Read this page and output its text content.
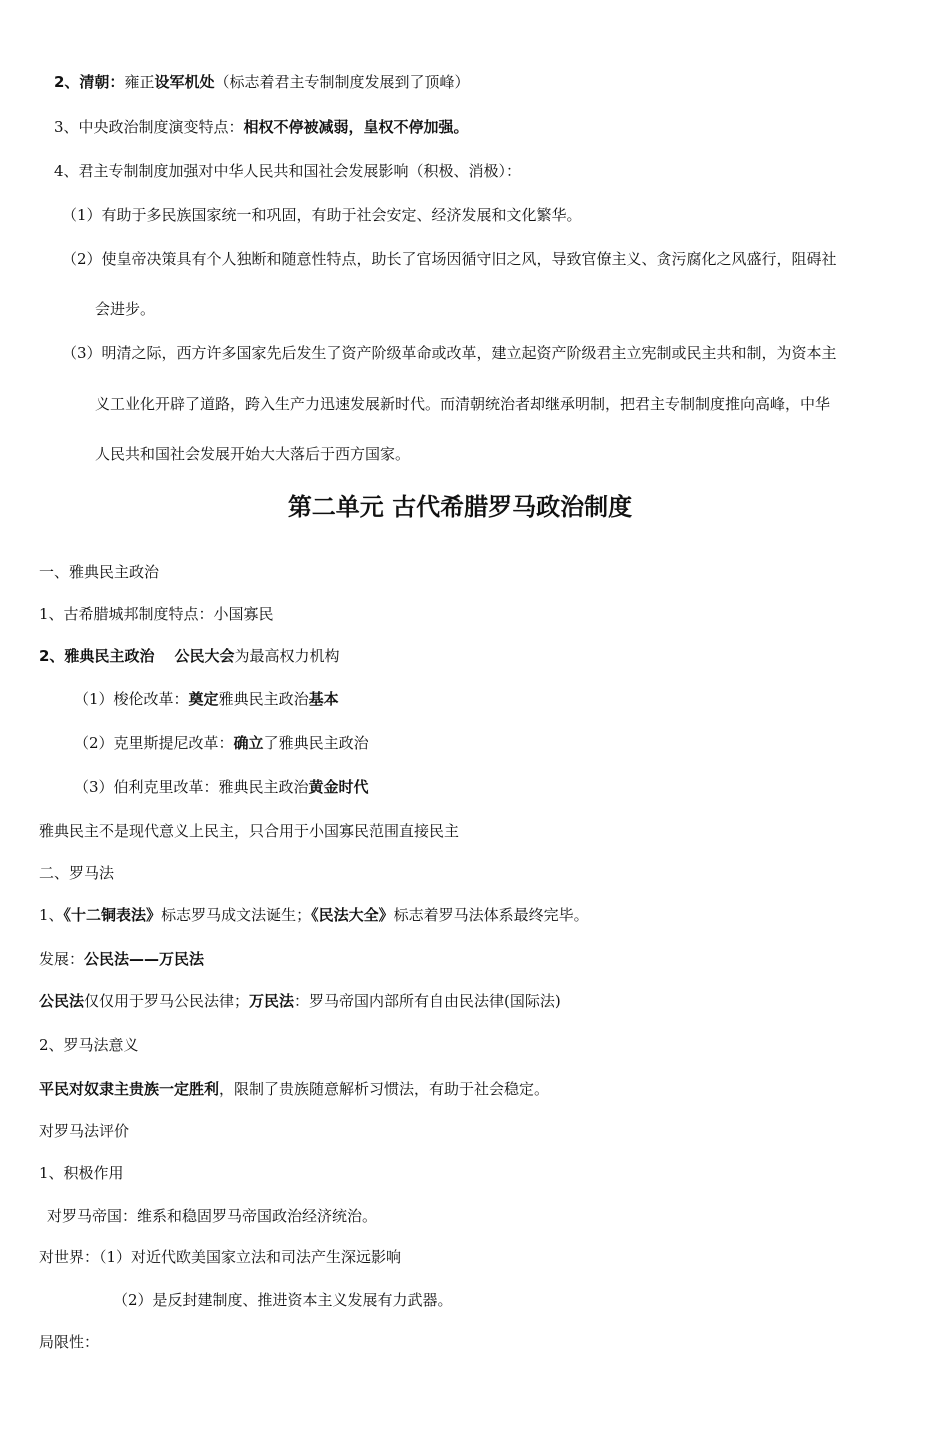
2、清朝：雍正设军机处（标志着君主专制制度发展到了顶峰）
3、中央政治制度演变特点：相权不停被减弱，皇权不停加强。
4、君主专制制度加强对中华人民共和国社会发展影响（积极、消极）：
（1）有助于多民族国家统一和巩固，有助于社会安定、经济发展和文化繁华。
（2）使皇帝决策具有个人独断和随意性特点，助长了官场因循守旧之风，导致官僚主义、贪污腐化之风盛行，阻碍社
会进步。
（3）明清之际，西方许多国家先后发生了资产阶级革命或改革，建立起资产阶级君主立宪制或民主共和制，为资本主
义工业化开辟了道路，跨入生产力迅速发展新时代。而清朝统治者却继承明制，把君主专制制度推向高峰，中华
人民共和国社会发展开始大大落后于西方国家。
第二单元 古代希腊罗马政治制度
一、雅典民主政治
1、古希腊城邦制度特点：小国寡民
2、雅典民主政治 公民大会为最高权力机构
（1）梭伦改革：奠定雅典民主政治基本
（2）克里斯提尼改革：确立了雅典民主政治
（3）伯利克里改革：雅典民主政治黄金时代
雅典民主不是现代意义上民主，只合用于小国寡民范围直接民主
二、罗马法
1、《十二铜表法》标志罗马成文法诞生；《民法大全》标志着罗马法体系最终完毕。
发展：公民法——万民法
公民法仅仅用于罗马公民法律；万民法：罗马帝国内部所有自由民法律(国际法)
2、罗马法意义
平民对奴隶主贵族一定胜利，限制了贵族随意解析习惯法，有助于社会稳定。
对罗马法评价
1、积极作用
对罗马帝国：维系和稳固罗马帝国政治经济统治。
对世界：（1）对近代欧美国家立法和司法产生深远影响
（2）是反封建制度、推进资本主义发展有力武器。
局限性：
